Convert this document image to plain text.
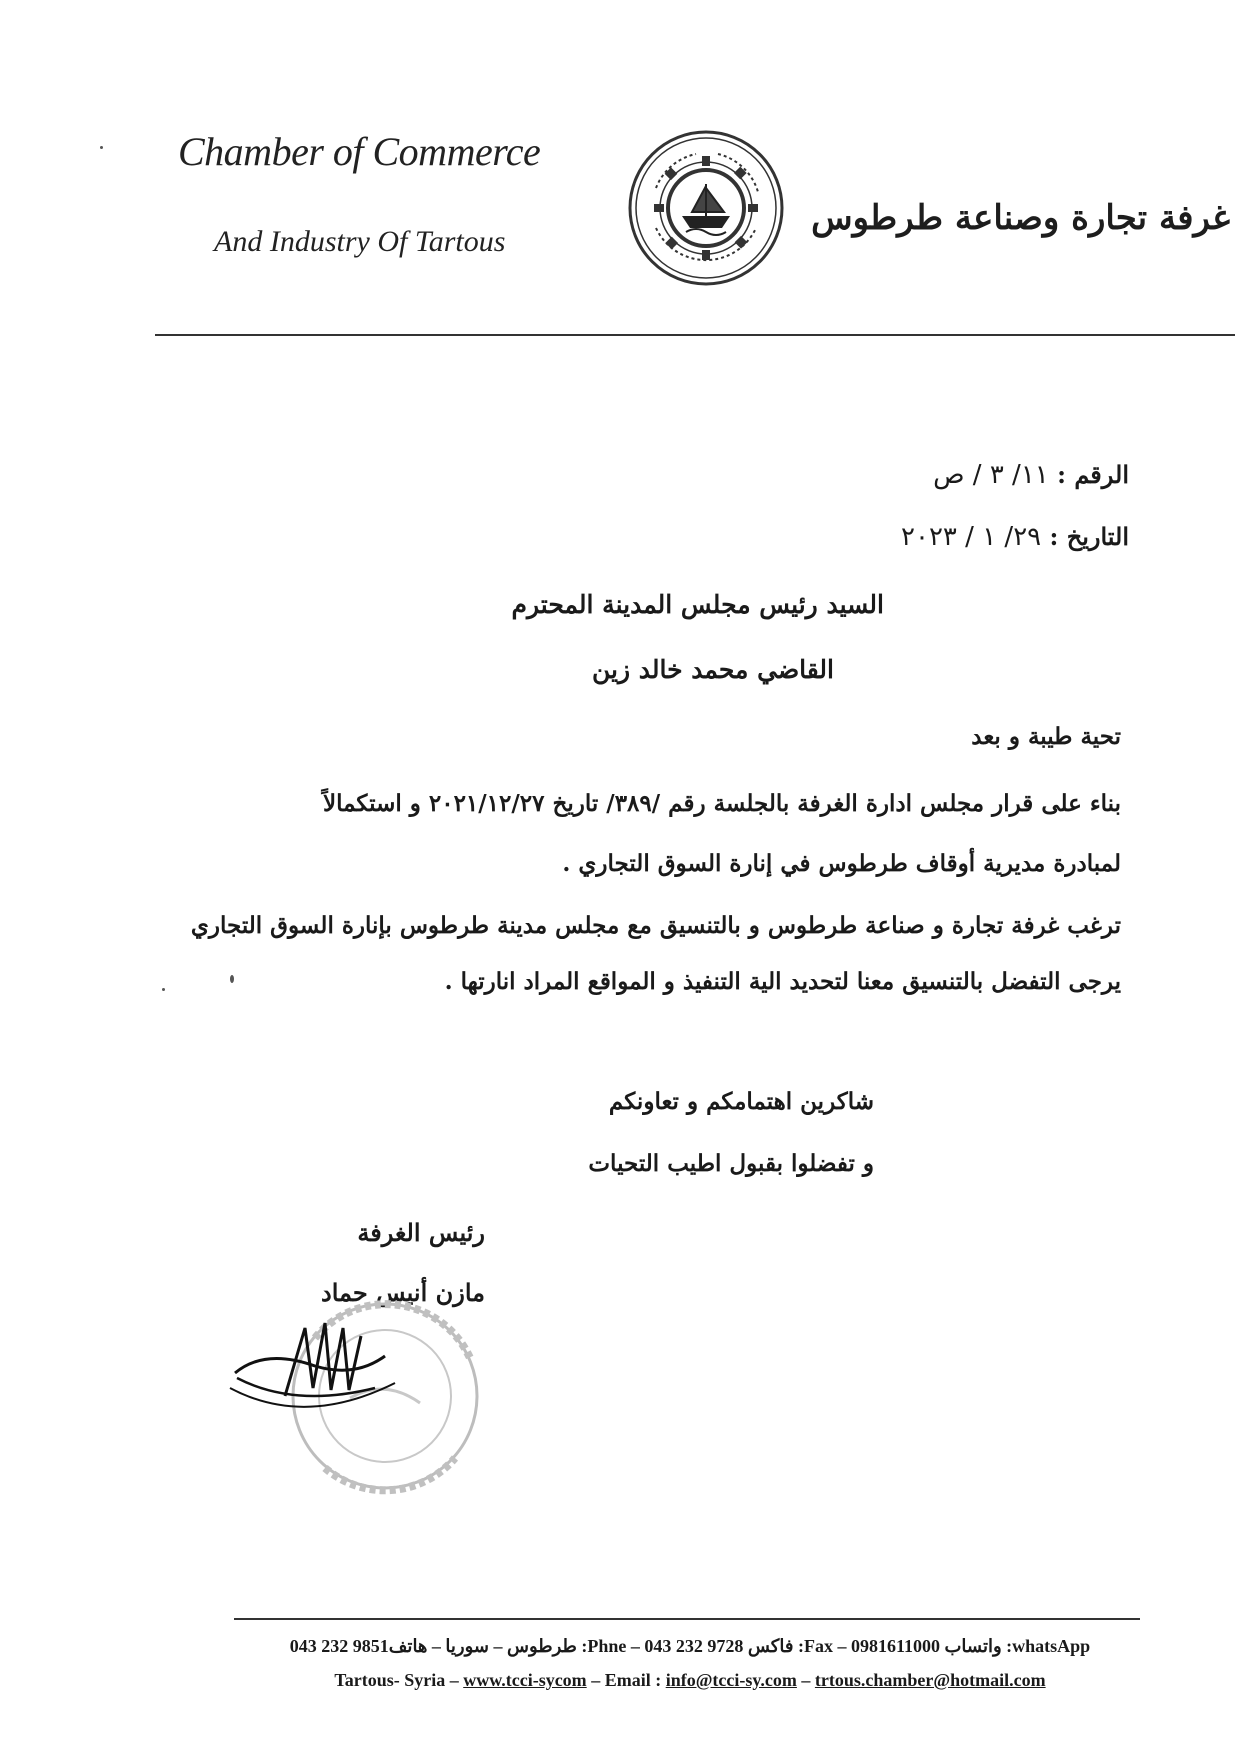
Chamber of Commerce
And Industry Of Tartous
غرفة تجارة وصناعة طرطوس
الرقم : ١١/ ٣ / ص
التاريخ : ٢٩/ ١ / ٢٠٢٣
السيد رئيس مجلس المدينة المحترم
القاضي محمد خالد زين
تحية طيبة و بعد
بناء على قرار مجلس ادارة الغرفة بالجلسة رقم /٣٨٩/ تاريخ ٢٠٢١/١٢/٢٧ و استكمالاً
لمبادرة مديرية أوقاف طرطوس في إنارة السوق التجاري .
ترغب غرفة تجارة و صناعة طرطوس و بالتنسيق مع مجلس مدينة طرطوس بإنارة السوق التجاري
يرجى التفضل بالتنسيق معنا لتحديد الية التنفيذ و المواقع المراد انارتها .
شاكرين اهتمامكم و تعاونكم
و تفضلوا بقبول اطيب التحيات
رئيس الغرفة
مازن أنيس حماد
طرطوس – سوريا – هاتف9851 232 043 :Phne – فاكس 9728 232 043 :Fax – واتساب 0981611000 :whatsApp
Tartous- Syria – www.tcci-sycom – Email : info@tcci-sy.com – trtous.chamber@hotmail.com
